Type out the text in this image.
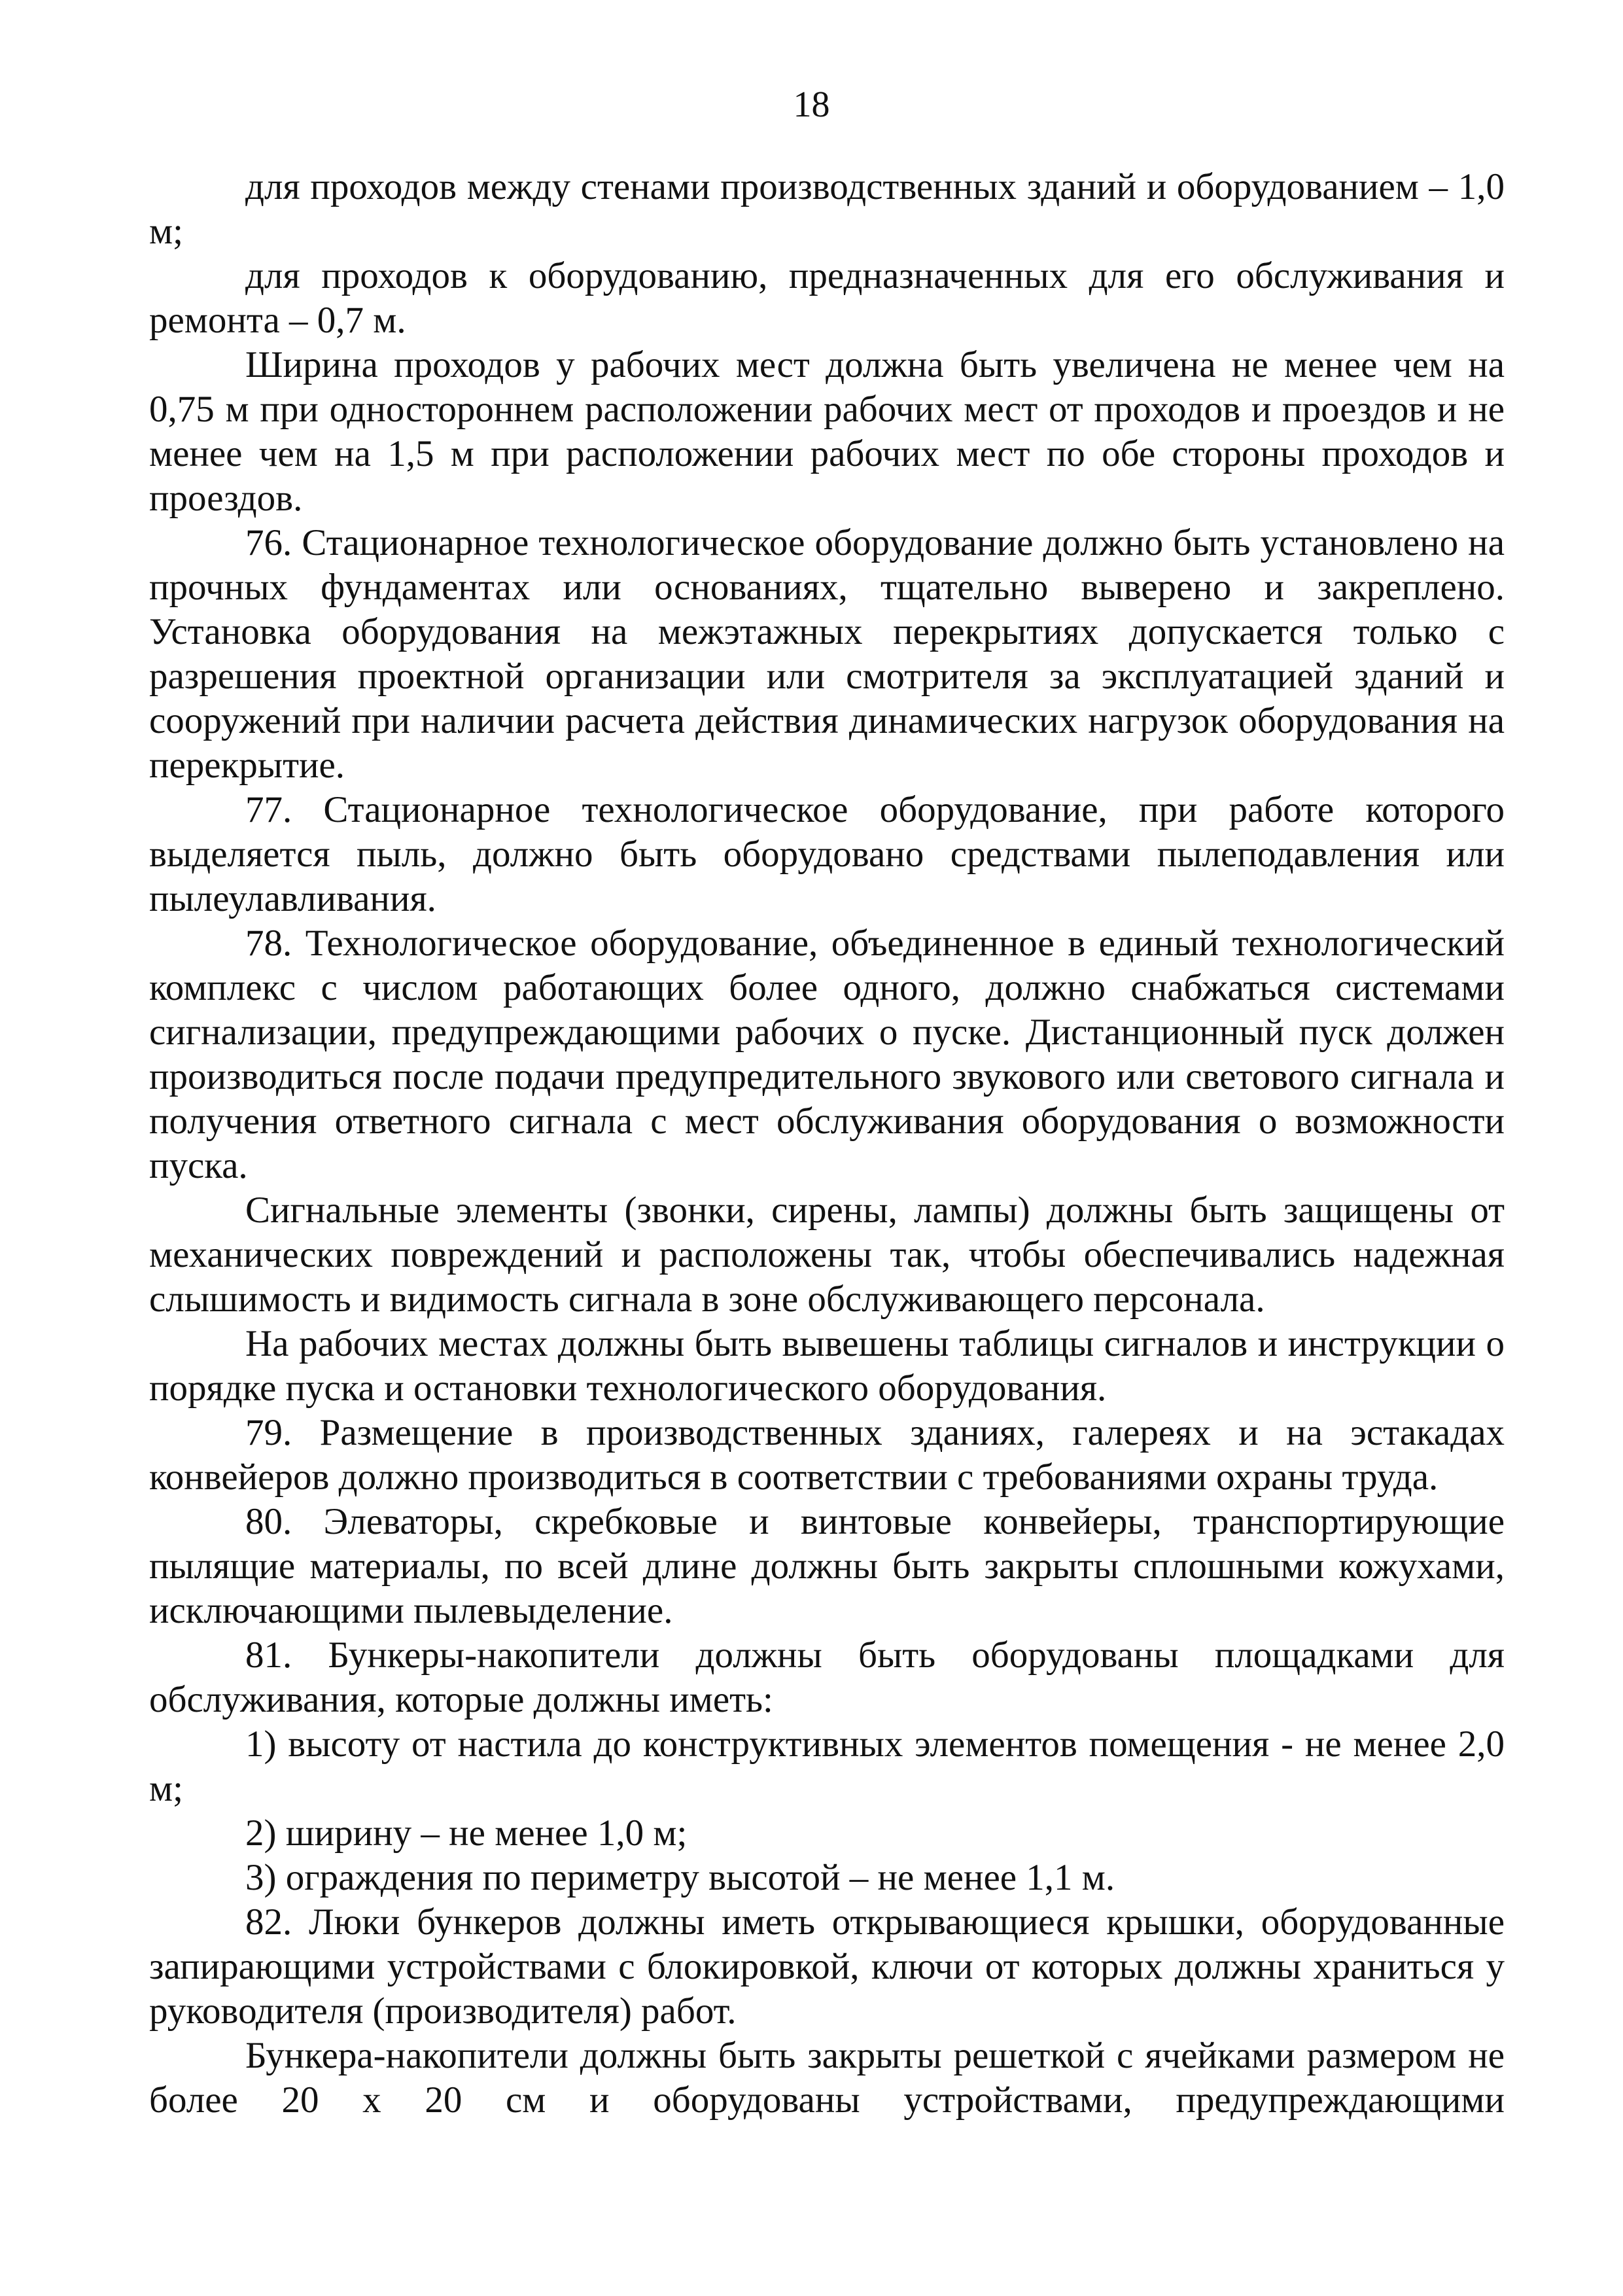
18

для проходов между стенами производственных зданий и оборудованием – 1,0 м;

для проходов к оборудованию, предназначенных для его обслуживания и ремонта – 0,7 м.

Ширина проходов у рабочих мест должна быть увеличена не менее чем на 0,75 м при одностороннем расположении рабочих мест от проходов и проездов и не менее чем на 1,5 м при расположении рабочих мест по обе стороны проходов и проездов.

76. Стационарное технологическое оборудование должно быть установлено на прочных фундаментах или основаниях, тщательно выверено и закреплено. Установка оборудования на межэтажных перекрытиях допускается только с разрешения проектной организации или смотрителя за эксплуатацией зданий и сооружений при наличии расчета действия динамических нагрузок оборудования на перекрытие.

77. Стационарное технологическое оборудование, при работе которого выделяется пыль, должно быть оборудовано средствами пылеподавления или пылеулавливания.

78. Технологическое оборудование, объединенное в единый технологический комплекс с числом работающих более одного, должно снабжаться системами сигнализации, предупреждающими рабочих о пуске. Дистанционный пуск должен производиться после подачи предупредительного звукового или светового сигнала и получения ответного сигнала с мест обслуживания оборудования о возможности пуска.

Сигнальные элементы (звонки, сирены, лампы) должны быть защищены от механических повреждений и расположены так, чтобы обеспечивались надежная слышимость и видимость сигнала в зоне обслуживающего персонала.

На рабочих местах должны быть вывешены таблицы сигналов и инструкции о порядке пуска и остановки технологического оборудования.

79. Размещение в производственных зданиях, галереях и на эстакадах конвейеров должно производиться в соответствии с требованиями охраны труда.

80. Элеваторы, скребковые и винтовые конвейеры, транспортирующие пылящие материалы, по всей длине должны быть закрыты сплошными кожухами, исключающими пылевыделение.

81. Бункеры-накопители должны быть оборудованы площадками для обслуживания, которые должны иметь:

1) высоту от настила до конструктивных элементов помещения - не менее 2,0 м;

2) ширину – не менее 1,0 м;

3) ограждения по периметру высотой – не менее 1,1 м.

82. Люки бункеров должны иметь открывающиеся крышки, оборудованные запирающими устройствами с блокировкой, ключи от которых должны храниться у руководителя (производителя) работ.

Бункера-накопители должны быть закрыты решеткой с ячейками размером не более 20 х 20 см и оборудованы устройствами, предупреждающими
